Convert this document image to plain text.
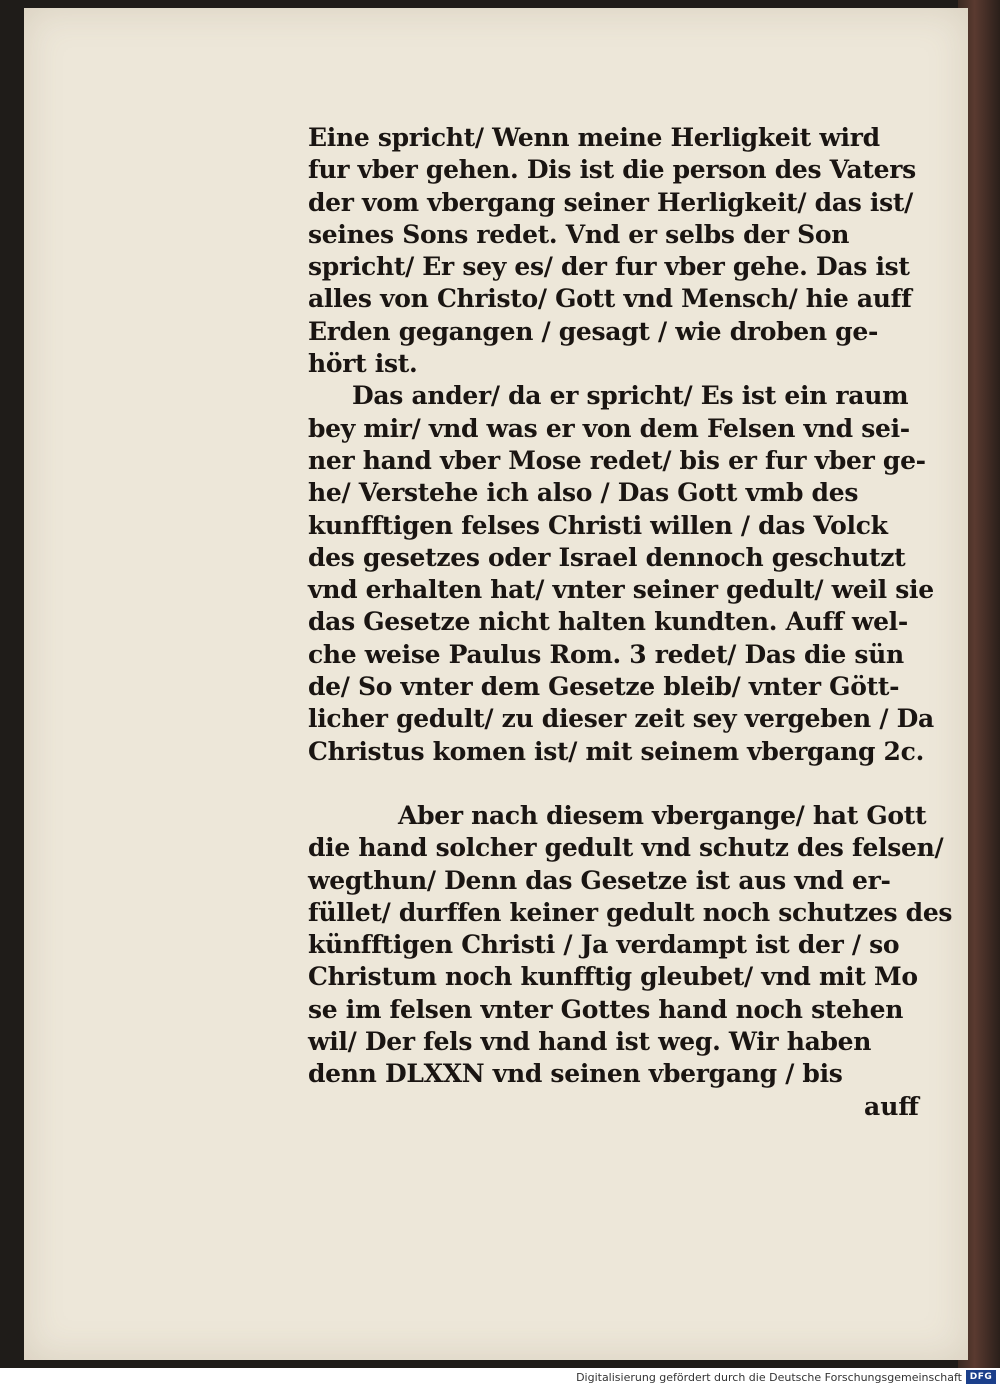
Eine spricht/ Wenn meine Herligkeit wird
fur vber gehen. Dis ist die person des Vaters
der vom vbergang seiner Herligkeit/ das ist/
seines Sons redet. Vnd er selbs der Son
spricht/ Er sey es/ der fur vber gehe. Das ist
alles von Christo/ Gott vnd Mensch/ hie auff
Erden gegangen / gesagt / wie droben ge-
hört ist.
Das ander/ da er spricht/ Es ist ein raum
bey mir/ vnd was er von dem Felsen vnd sei-
ner hand vber Mose redet/ bis er fur vber ge-
he/ Verstehe ich also / Das Gott vmb des
kunfftigen felses Christi willen / das Volck
des gesetzes oder Israel dennoch geschutzt
vnd erhalten hat/ vnter seiner gedult/ weil sie
das Gesetze nicht halten kundten. Auff wel-
che weise Paulus Rom. 3 redet/ Das die sün
de/ So vnter dem Gesetze bleib/ vnter Gött-
licher gedult/ zu dieser zeit sey vergeben / Da
Christus komen ist/ mit seinem vbergang 2c.
Aber nach diesem vbergange/ hat Gott
die hand solcher gedult vnd schutz des felsen/
wegthun/ Denn das Gesetze ist aus vnd er-
füllet/ durffen keiner gedult noch schutzes des
künfftigen Christi / Ja verdampt ist der / so
Christum noch kunfftig gleubet/ vnd mit Mo
se im felsen vnter Gottes hand noch stehen
wil/ Der fels vnd hand ist weg. Wir haben
denn DLXXN vnd seinen vbergang / bis
auff
Digitalisierung gefördert durch die Deutsche Forschungsgemeinschaft DFG
